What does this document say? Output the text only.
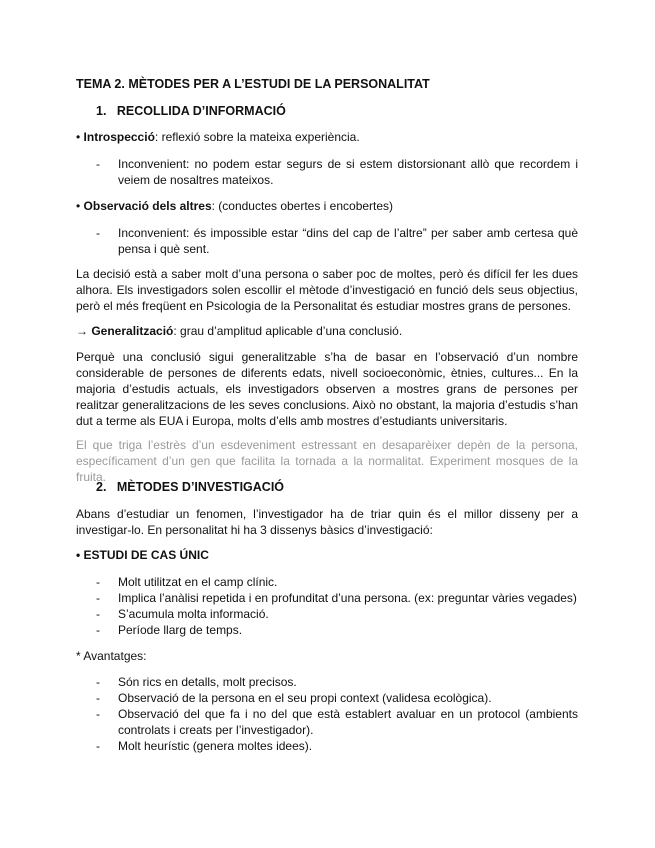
TEMA 2. MÈTODES PER A L’ESTUDI DE LA PERSONALITAT
1. RECOLLIDA D’INFORMACIÓ
• Introspecció: reflexió sobre la mateixa experiència.
-	Inconvenient: no podem estar segurs de si estem distorsionant allò que recordem i veiem de nosaltres mateixos.
• Observació dels altres: (conductes obertes i encobertes)
-	Inconvenient: és impossible estar “dins del cap de l’altre” per saber amb certesa què pensa i què sent.
La decisió està a saber molt d’una persona o saber poc de moltes, però és difícil fer les dues alhora. Els investigadors solen escollir el mètode d’investigació en funció dels seus objectius, però el més freqüent en Psicologia de la Personalitat és estudiar mostres grans de persones.
→ Generalització: grau d’amplitud aplicable d’una conclusió.
Perquè una conclusió sigui generalitzable s’ha de basar en l’observació d’un nombre considerable de persones de diferents edats, nivell socioeconòmic, ètnies, cultures... En la majoria d’estudis actuals, els investigadors observen a mostres grans de persones per realitzar generalitzacions de les seves conclusions. Això no obstant, la majoria d’estudis s’han dut a terme als EUA i Europa, molts d’ells amb mostres d’estudiants universitaris.
El que triga l’estrès d’un esdeveniment estressant en desaparèixer depèn de la persona, específicament d’un gen que facilita la tornada a la normalitat. Experiment mosques de la fruita.
2. MÈTODES D’INVESTIGACIÓ
Abans d’estudiar un fenomen, l’investigador ha de triar quin és el millor disseny per a investigar-lo. En personalitat hi ha 3 dissenys bàsics d’investigació:
• ESTUDI DE CAS ÚNIC
-	Molt utilitzat en el camp clínic.
-	Implica l’anàlisi repetida i en profunditat d’una persona. (ex: preguntar vàries vegades)
-	S’acumula molta informació.
-	Període llarg de temps.
* Avantatges:
-	Són rics en detalls, molt precisos.
-	Observació de la persona en el seu propi context (validesa ecològica).
-	Observació del que fa i no del que està establert avaluar en un protocol (ambients controlats i creats per l’investigador).
-	Molt heurístic (genera moltes idees).
